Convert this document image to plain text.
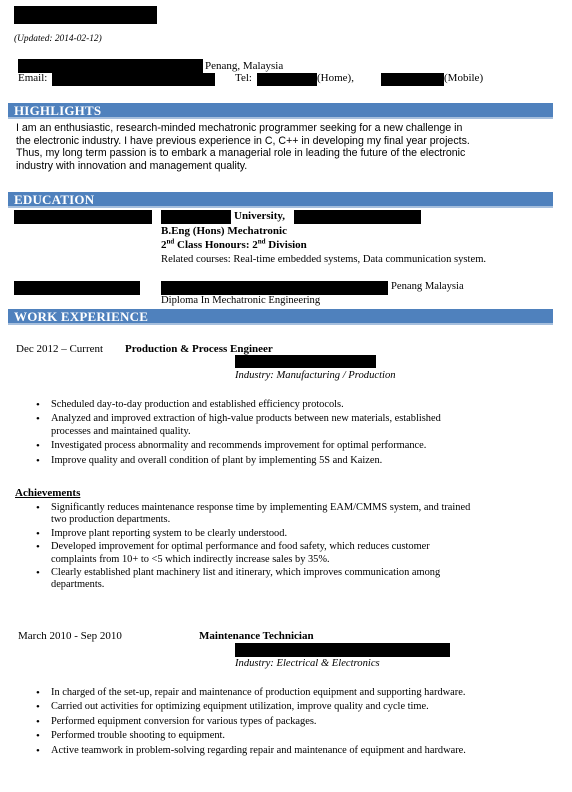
(Updated: 2014-02-12)
Penang, Malaysia
Email:	Tel:	(Home),	(Mobile)
HIGHLIGHTS
I am an enthusiastic, research-minded mechatronic programmer seeking for a new challenge in
the electronic industry. I have previous experience in C, C++ in developing my final year projects.
Thus, my long term passion is to embark a managerial role in leading the future of the electronic
industry with innovation and management quality.
EDUCATION
University,
B.Eng (Hons) Mechatronic
2nd Class Honours: 2nd Division
Related courses: Real-time embedded systems, Data communication system.
Penang Malaysia
Diploma In Mechatronic Engineering
WORK EXPERIENCE
Dec 2012 – Current Production & Process Engineer
Industry: Manufacturing / Production
• Scheduled day-to-day production and established efficiency protocols.
• Analyzed and improved extraction of high-value products between new materials, established
processes and maintained quality.
• Investigated process abnormality and recommends improvement for optimal performance.
• Improve quality and overall condition of plant by implementing 5S and Kaizen.
Achievements
• Significantly reduces maintenance response time by implementing EAM/CMMS system, and trained
two production departments.
• Improve plant reporting system to be clearly understood.
• Developed improvement for optimal performance and food safety, which reduces customer
complaints from 10+ to <5 which indirectly increase sales by 35%.
• Clearly established plant machinery list and itinerary, which improves communication among
departments.
March 2010 - Sep 2010	Maintenance Technician
Industry: Electrical & Electronics
• In charged of the set-up, repair and maintenance of production equipment and supporting hardware.
• Carried out activities for optimizing equipment utilization, improve quality and cycle time.
• Performed equipment conversion for various types of packages.
• Performed trouble shooting to equipment.
• Active teamwork in problem-solving regarding repair and maintenance of equipment and hardware.
